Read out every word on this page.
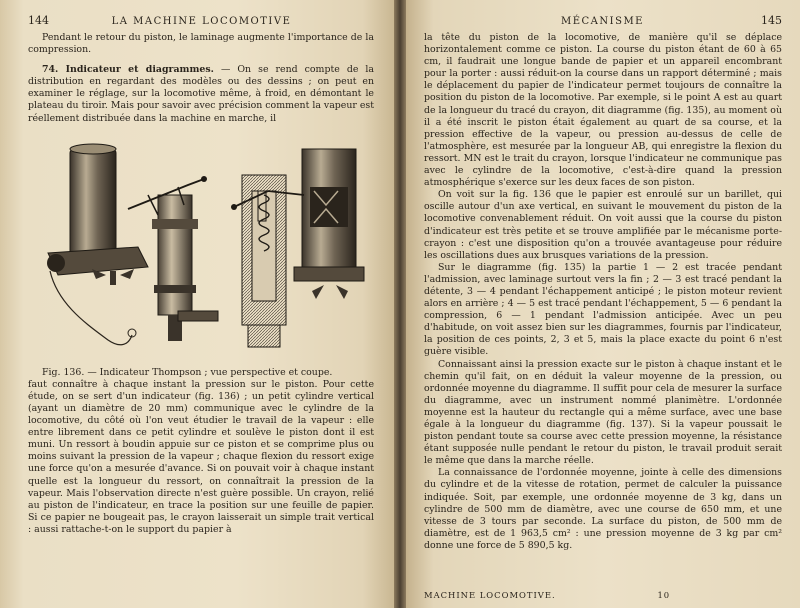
144	LA MACHINE LOCOMOTIVE

Pendant le retour du piston, le laminage augmente l'importance de la compression.

74. Indicateur et diagrammes. — On se rend compte de la distribution en regardant des modèles ou des dessins ; on peut en examiner le réglage, sur la locomotive même, à froid, en démontant le plateau du tiroir. Mais pour savoir avec précision comment la vapeur est réellement distribuée dans la machine en marche, il

Fig. 136. — Indicateur Thompson ; vue perspective et coupe.

faut connaître à chaque instant la pression sur le piston. Pour cette étude, on se sert d'un indicateur (fig. 136) ; un petit cylindre vertical (ayant un diamètre de 20 mm) communique avec le cylindre de la locomotive, du côté où l'on veut étudier le travail de la vapeur : elle entre librement dans ce petit cylindre et soulève le piston dont il est muni. Un ressort à boudin appuie sur ce piston et se comprime plus ou moins suivant la pression de la vapeur ; chaque flexion du ressort exige une force qu'on a mesurée d'avance. Si on pouvait voir à chaque instant quelle est la longueur du ressort, on connaîtrait la pression de la vapeur. Mais l'observation directe n'est guère possible. Un crayon, relié au piston de l'indicateur, en trace la position sur une feuille de papier. Si ce papier ne bougeait pas, le crayon laisserait un simple trait vertical : aussi rattache-t-on le support du papier à

MÉCANISME	145

la tête du piston de la locomotive, de manière qu'il se déplace horizontalement comme ce piston. La course du piston étant de 60 à 65 cm, il faudrait une longue bande de papier et un appareil encombrant pour la porter : aussi réduit-on la course dans un rapport déterminé ; mais le déplacement du papier de l'indicateur permet toujours de connaître la position du piston de la locomotive. Par exemple, si le point A est au quart de la longueur du tracé du crayon, dit diagramme (fig. 135), au moment où il a été inscrit le piston était également au quart de sa course, et la pression effective de la vapeur, ou pression au-dessus de celle de l'atmosphère, est mesurée par la longueur AB, qui enregistre la flexion du ressort. MN est le trait du crayon, lorsque l'indicateur ne communique pas avec le cylindre de la locomotive, c'est-à-dire quand la pression atmosphérique s'exerce sur les deux faces de son piston.

On voit sur la fig. 136 que le papier est enroulé sur un barillet, qui oscille autour d'un axe vertical, en suivant le mouvement du piston de la locomotive convenablement réduit. On voit aussi que la course du piston d'indicateur est très petite et se trouve amplifiée par le mécanisme porte-crayon : c'est une disposition qu'on a trouvée avantageuse pour réduire les oscillations dues aux brusques variations de la pression.

Sur le diagramme (fig. 135) la partie 1 — 2 est tracée pendant l'admission, avec laminage surtout vers la fin ; 2 — 3 est tracé pendant la détente, 3 — 4 pendant l'échappement anticipé ; le piston moteur revient alors en arrière ; 4 — 5 est tracé pendant l'échappement, 5 — 6 pendant la compression, 6 — 1 pendant l'admission anticipée. Avec un peu d'habitude, on voit assez bien sur les diagrammes, fournis par l'indicateur, la position de ces points, 2, 3 et 5, mais la place exacte du point 6 n'est guère visible.

Connaissant ainsi la pression exacte sur le piston à chaque instant et le chemin qu'il fait, on en déduit la valeur moyenne de la pression, ou ordonnée moyenne du diagramme. Il suffit pour cela de mesurer la surface du diagramme, avec un instrument nommé planimètre. L'ordonnée moyenne est la hauteur du rectangle qui a même surface, avec une base égale à la longueur du diagramme (fig. 137). Si la vapeur poussait le piston pendant toute sa course avec cette pression moyenne, la résistance étant supposée nulle pendant le retour du piston, le travail produit serait le même que dans la marche réelle.

La connaissance de l'ordonnée moyenne, jointe à celle des dimensions du cylindre et de la vitesse de rotation, permet de calculer la puissance indiquée. Soit, par exemple, une ordonnée moyenne de 3 kg, dans un cylindre de 500 mm de diamètre, avec une course de 650 mm, et une vitesse de 3 tours par seconde. La surface du piston, de 500 mm de diamètre, est de 1 963,5 cm² : une pression moyenne de 3 kg par cm² donne une force de 5 890,5 kg.

MACHINE LOCOMOTIVE.	10
